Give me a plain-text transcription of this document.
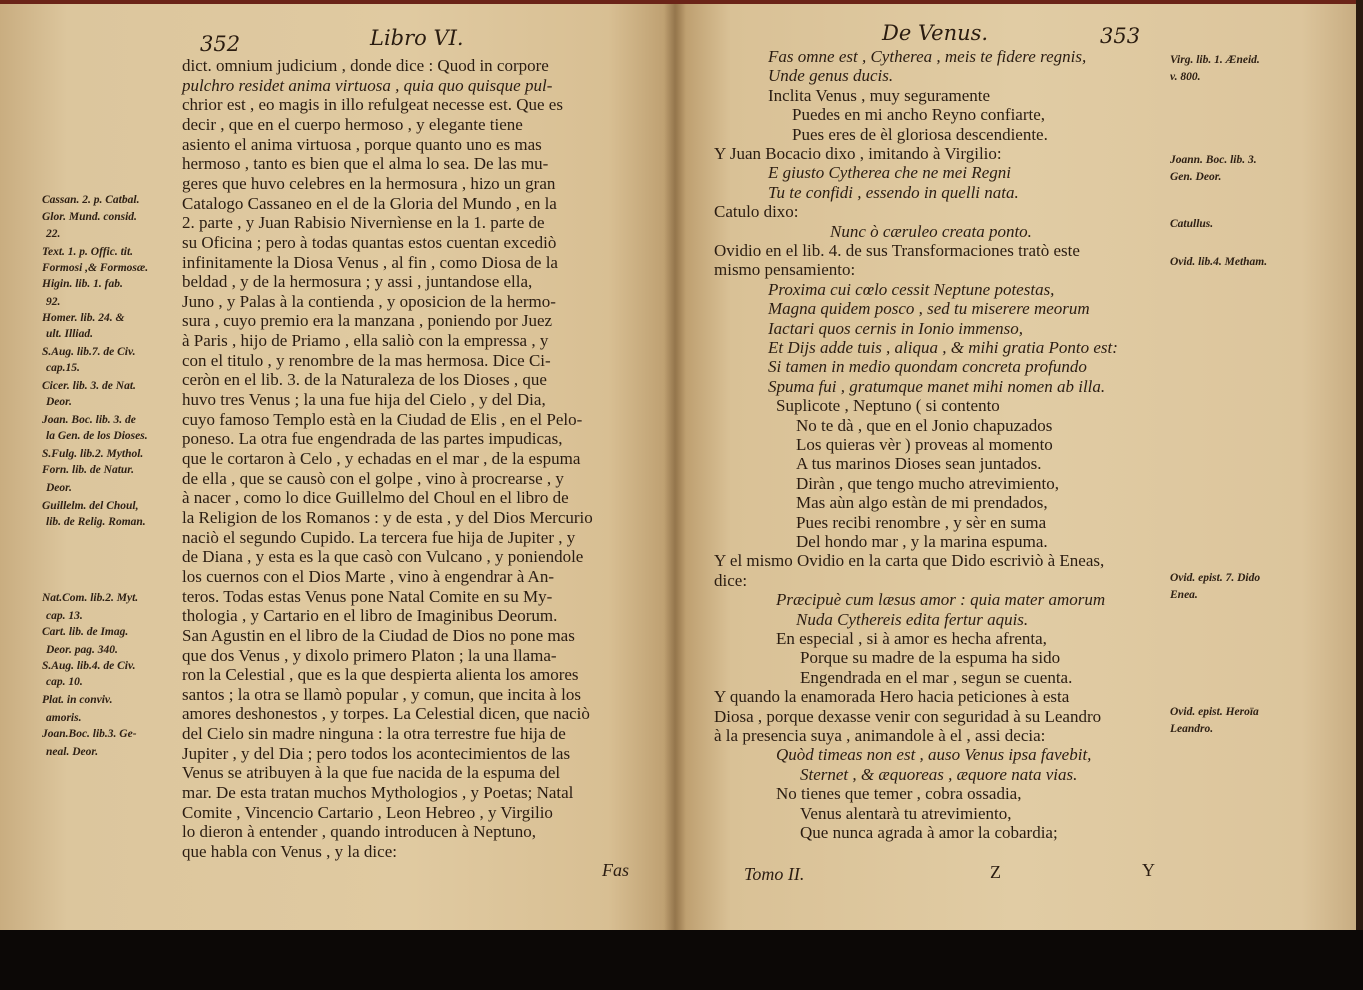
352	Libro VI.
dict. omnium judicium , donde dice : Quod in corpore
pulchro residet anima virtuosa , quia quo quisque pul-
chrior est , eo magis in illo refulgeat necesse est. Que es
decir , que en el cuerpo hermoso , y elegante tiene
asiento el anima virtuosa , porque quanto uno es mas
hermoso , tanto es bien que el alma lo sea. De las mu-
geres que huvo celebres en la hermosura , hizo un gran
Catalogo Cassaneo en el de la Gloria del Mundo , en la
2. parte , y Juan Rabisio Nivernìense en la 1. parte de
su Oficina ; pero à todas quantas estos cuentan excediò
infinitamente la Diosa Venus , al fin , como Diosa de la
beldad , y de la hermosura ; y assi , juntandose ella,
Juno , y Palas à la contienda , y oposicion de la hermo-
sura , cuyo premio era la manzana , poniendo por Juez
à Paris , hijo de Priamo , ella saliò con la empressa , y
con el titulo , y renombre de la mas hermosa. Dice Ci-
ceròn en el lib. 3. de la Naturaleza de los Dioses , que
huvo tres Venus ; la una fue hija del Cielo , y del Dia,
cuyo famoso Templo està en la Ciudad de Elis , en el Pelo-
poneso. La otra fue engendrada de las partes impudicas,
que le cortaron à Celo , y echadas en el mar , de la espuma
de ella , que se causò con el golpe , vino à procrearse , y
à nacer , como lo dice Guillelmo del Choul en el libro de
la Religion de los Romanos : y de esta , y del Dios Mercurio
naciò el segundo Cupido. La tercera fue hija de Jupiter , y
de Diana , y esta es la que casò con Vulcano , y poniendole
los cuernos con el Dios Marte , vino à engendrar à An-
teros. Todas estas Venus pone Natal Comite en su My-
thologia , y Cartario en el libro de Imaginibus Deorum.
San Agustin en el libro de la Ciudad de Dios no pone mas
que dos Venus , y dixolo primero Platon ; la una llama-
ron la Celestial , que es la que despierta alienta los amores
santos ; la otra se llamò popular , y comun, que incita à los
amores deshonestos , y torpes. La Celestial dicen, que naciò
del Cielo sin madre ninguna : la otra terrestre fue hija de
Jupiter , y del Dia ; pero todos los acontecimientos de las
Venus se atribuyen à la que fue nacida de la espuma del
mar. De esta tratan muchos Mythologios , y Poetas; Natal
Comite , Vincencio Cartario , Leon Hebreo , y Virgilio
lo dieron à entender , quando introducen à Neptuno,
que habla con Venus , y la dice:
Cassan. 2. p. Catbal.
Glor. Mund. consid.
22.
Text. 1. p. Offic. tit.
Formosi ,& Formosæ.
Higin. lib. 1. fab.
92.
Homer. lib. 24. &
ult. Illiad.
S.Aug. lib.7. de Civ.
cap.15.
Cicer. lib. 3. de Nat.
Deor.
Joan. Boc. lib. 3. de
la Gen. de los Dioses.
S.Fulg. lib.2. Mythol.
Forn. lib. de Natur.
Deor.
Guillelm. del Choul,
lib. de Relig. Roman.
Nat.Com. lib.2. Myt.
cap. 13.
Cart. lib. de Imag.
Deor. pag. 340.
S.Aug. lib.4. de Civ.
cap. 10.
Plat. in conviv.
amoris.
Joan.Boc. lib.3. Ge-
neal. Deor.
Fas
De Venus.	353
Fas omne est , Cytherea , meis te fidere regnis,
Unde genus ducis.
Inclita Venus , muy seguramente
Puedes en mi ancho Reyno confiarte,
Pues eres de èl gloriosa descendiente.
Y Juan Bocacio dixo , imitando à Virgilio:
E giusto Cytherea che ne mei Regni
Tu te confidi , essendo in quelli nata.
Catulo dixo:
Nunc ò cæruleo creata ponto.
Ovidio en el lib. 4. de sus Transformaciones tratò este
mismo pensamiento:
Proxima cui cœlo cessit Neptune potestas,
Magna quidem posco , sed tu miserere meorum
Iactari quos cernis in Ionio immenso,
Et Dijs adde tuis , aliqua , & mihi gratia Ponto est:
Si tamen in medio quondam concreta profundo
Spuma fui , gratumque manet mihi nomen ab illa.
Suplicote , Neptuno ( si contento
No te dà , que en el Jonio chapuzados
Los quieras vèr ) proveas al momento
A tus marinos Dioses sean juntados.
Diràn , que tengo mucho atrevimiento,
Mas aùn algo estàn de mi prendados,
Pues recibi renombre , y sèr en suma
Del hondo mar , y la marina espuma.
Y el mismo Ovidio en la carta que Dido escriviò à Eneas,
dice:
Præcipuè cum læsus amor : quia mater amorum
Nuda Cythereis edita fertur aquis.
En especial , si à amor es hecha afrenta,
Porque su madre de la espuma ha sido
Engendrada en el mar , segun se cuenta.
Y quando la enamorada Hero hacia peticiones à esta
Diosa , porque dexasse venir con seguridad à su Leandro
à la presencia suya , animandole à el , assi decia:
Quòd timeas non est , auso Venus ipsa favebit,
Sternet , & æquoreas , æquore nata vias.
No tienes que temer , cobra ossadia,
Venus alentarà tu atrevimiento,
Que nunca agrada à amor la cobardia;
Virg. lib. 1. Æneid.
v. 800.
Joann. Boc. lib. 3.
Gen. Deor.
Catullus.
Ovid. lib.4. Metham.
Ovid. epist. 7. Dido
Enea.
Ovid. epist. Heroïa
Leandro.
Tomo II.	Z	Y
